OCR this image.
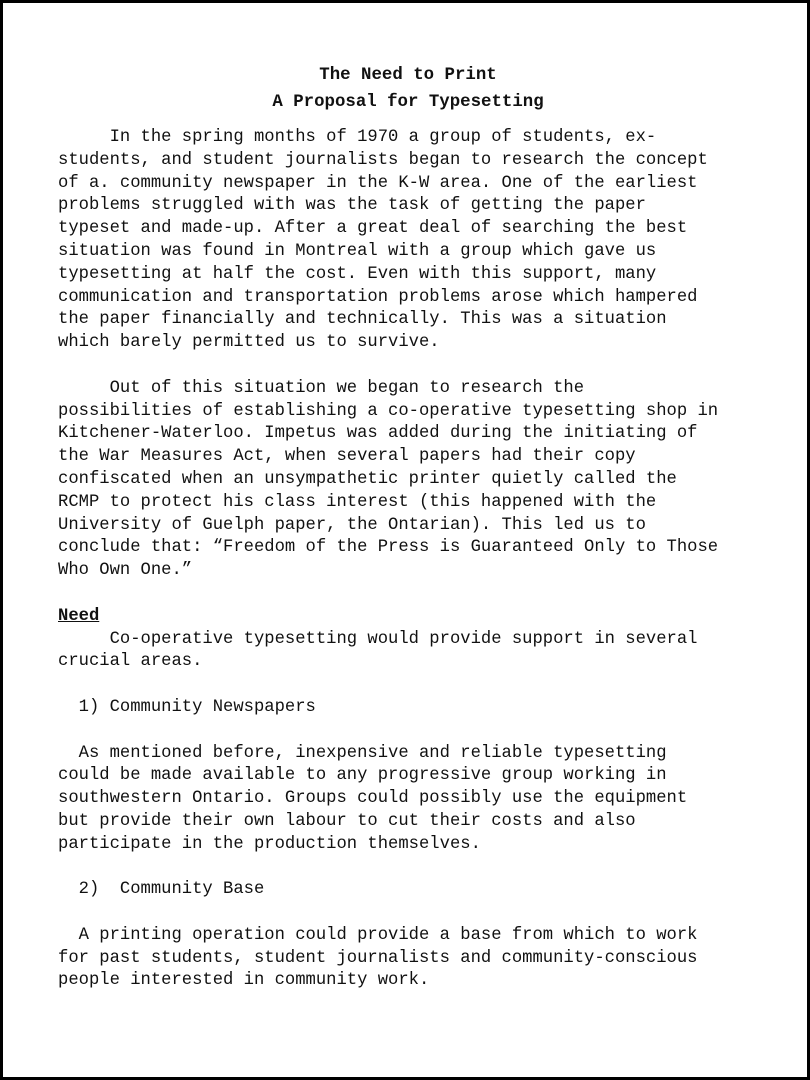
The Need to Print
A Proposal for Typesetting
In the spring months of 1970 a group of students, ex-
students, and student journalists began to research the concept
of a. community newspaper in the K-W area. One of the earliest
problems struggled with was the task of getting the paper
typeset and made-up. After a great deal of searching the best
situation was found in Montreal with a group which gave us
typesetting at half the cost. Even with this support, many
communication and transportation problems arose which hampered
the paper financially and technically. This was a situation
which barely permitted us to survive.
Out of this situation we began to research the
possibilities of establishing a co-operative typesetting shop in
Kitchener-Waterloo. Impetus was added during the initiating of
the War Measures Act, when several papers had their copy
confiscated when an unsympathetic printer quietly called the
RCMP to protect his class interest (this happened with the
University of Guelph paper, the Ontarian). This led us to
conclude that: “Freedom of the Press is Guaranteed Only to Those
Who Own One.”
Need
Co-operative typesetting would provide support in several
crucial areas.
1) Community Newspapers
As mentioned before, inexpensive and reliable typesetting
could be made available to any progressive group working in
southwestern Ontario. Groups could possibly use the equipment
but provide their own labour to cut their costs and also
participate in the production themselves.
2)  Community Base
A printing operation could provide a base from which to work
for past students, student journalists and community-conscious
people interested in community work.
